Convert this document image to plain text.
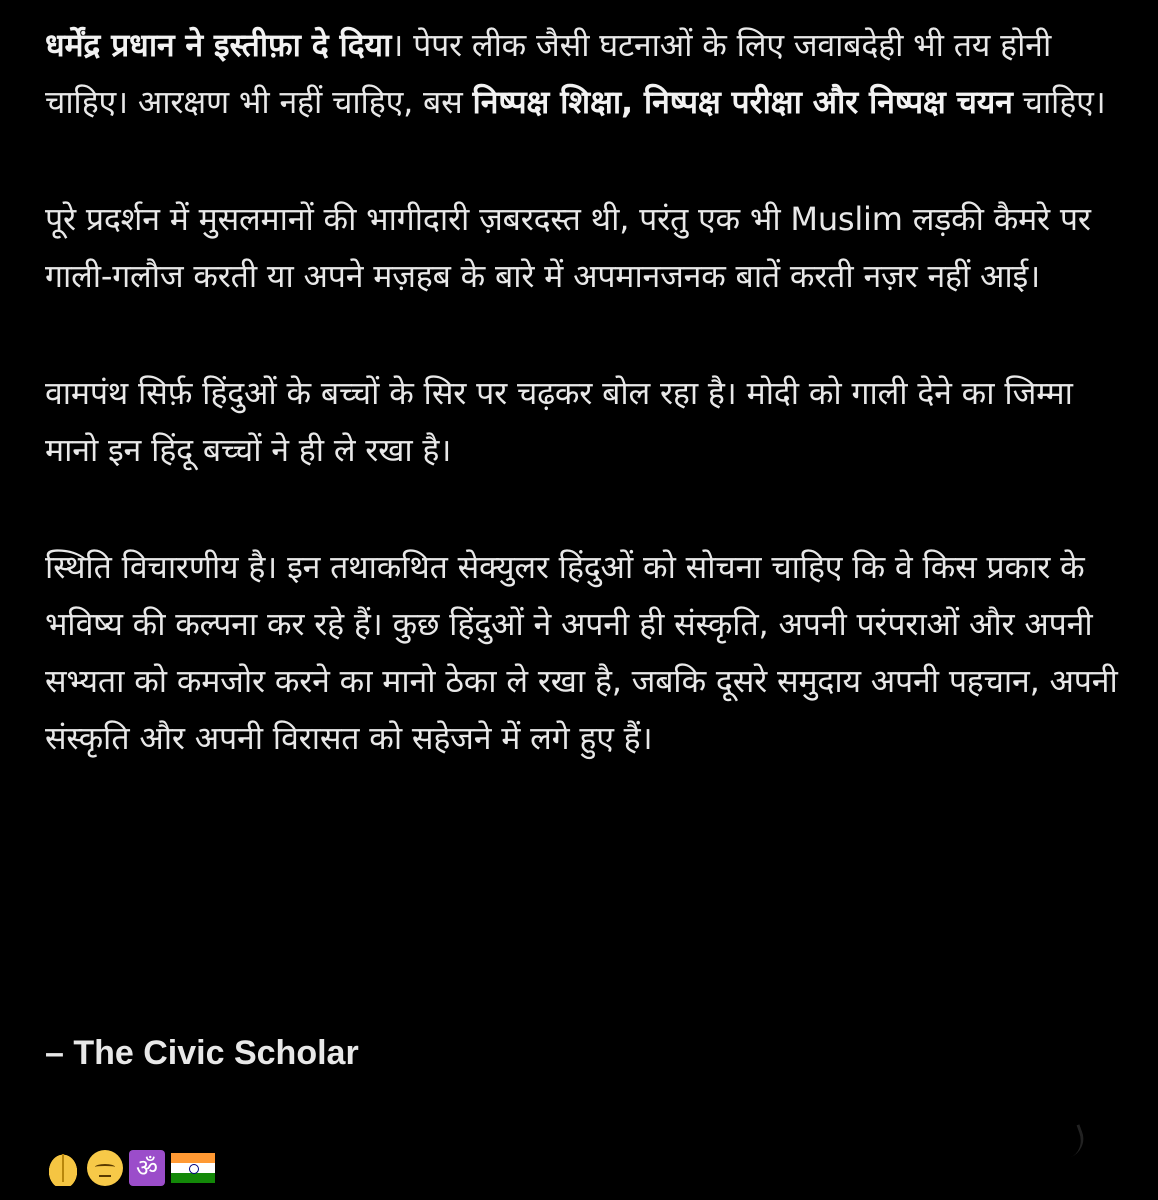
धर्मेंद्र प्रधान ने इस्तीफ़ा दे दिया। पेपर लीक जैसी घटनाओं के लिए जवाबदेही भी तय होनी चाहिए। आरक्षण भी नहीं चाहिए, बस निष्पक्ष शिक्षा, निष्पक्ष परीक्षा और निष्पक्ष चयन चाहिए।

पूरे प्रदर्शन में मुसलमानों की भागीदारी ज़बरदस्त थी, परंतु एक भी Muslim लड़की कैमरे पर गाली-गलौज करती या अपने मज़हब के बारे में अपमानजनक बातें करती नज़र नहीं आई।

वामपंथ सिर्फ़ हिंदुओं के बच्चों के सिर पर चढ़कर बोल रहा है। मोदी को गाली देने का जिम्मा मानो इन हिंदू बच्चों ने ही ले रखा है।

स्थिति विचारणीय है। इन तथाकथित सेक्युलर हिंदुओं को सोचना चाहिए कि वे किस प्रकार के भविष्य की कल्पना कर रहे हैं। कुछ हिंदुओं ने अपनी ही संस्कृति, अपनी परंपराओं और अपनी सभ्यता को कमजोर करने का मानो ठेका ले रखा है, जबकि दूसरे समुदाय अपनी पहचान, अपनी संस्कृति और अपनी विरासत को सहेजने में लगे हुए हैं।

– The Civic Scholar
ॐ
